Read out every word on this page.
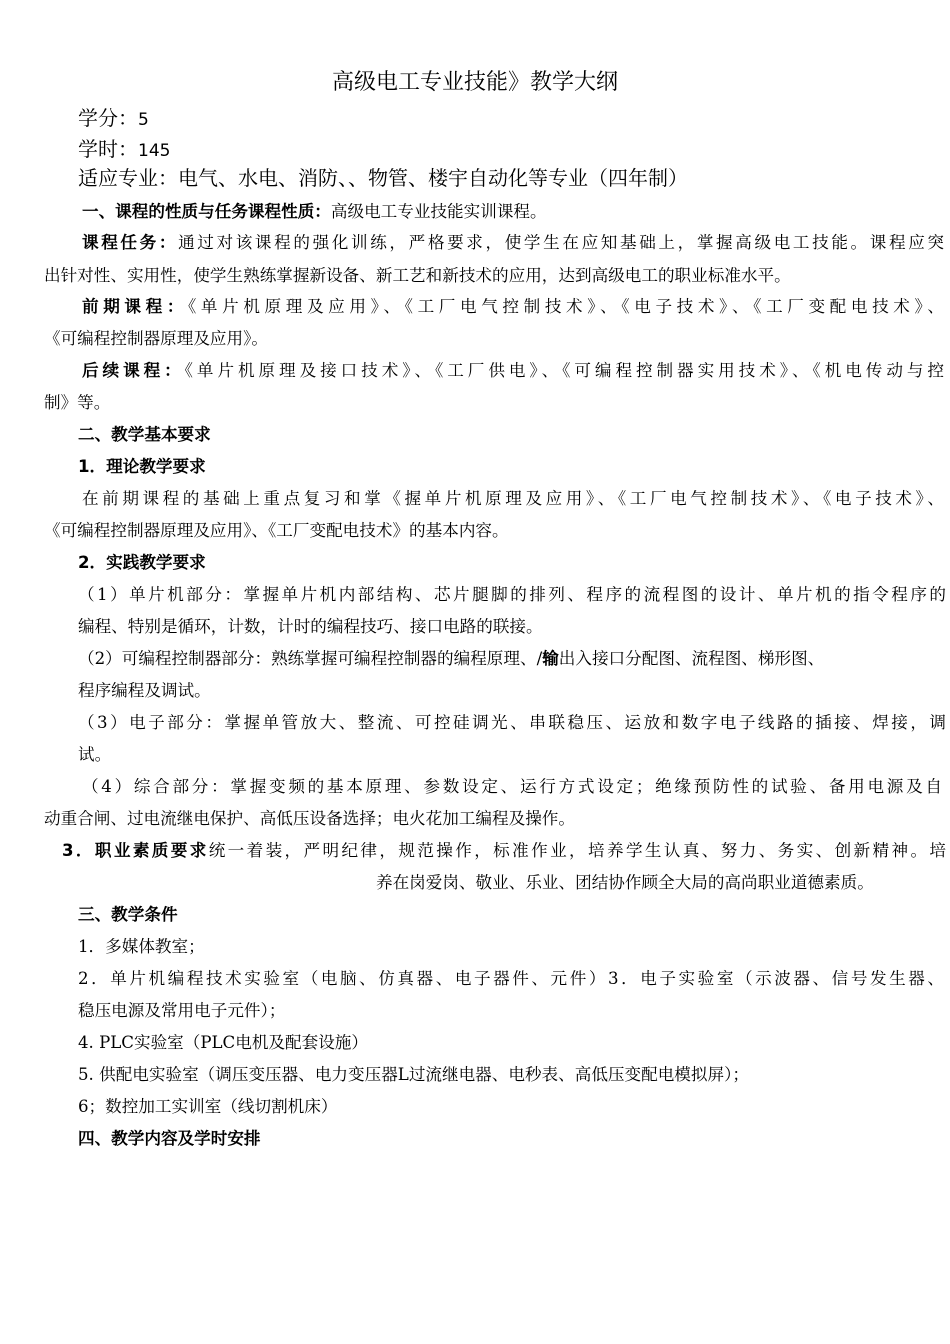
高级电工专业技能》教学大纲
学分：5
学时：145
适应专业：电气、水电、消防、、物管、楼宇自动化等专业（四年制）
一、课程的性质与任务课程性质：高级电工专业技能实训课程。
课程任务：通过对该课程的强化训练，严格要求，使学生在应知基础上，掌握高级电工技能。课程应突
出针对性、实用性，使学生熟练掌握新设备、新工艺和新技术的应用，达到高级电工的职业标准水平。
前期课程：《单片机原理及应用》、《工厂电气控制技术》、《电子技术》、《工厂变配电技术》、
《可编程控制器原理及应用》。
后续课程：《单片机原理及接口技术》、《工厂供电》、《可编程控制器实用技术》、《机电传动与控
制》等。
二、教学基本要求
1．理论教学要求
在前期课程的基础上重点复习和掌《握单片机原理及应用》、《工厂电气控制技术》、《电子技术》、
《可编程控制器原理及应用》、《工厂变配电技术》的基本内容。
2．实践教学要求
（1）单片机部分：掌握单片机内部结构、芯片腿脚的排列、程序的流程图的设计、单片机的指令程序的
编程、特别是循环，计数，计时的编程技巧、接口电路的联接。
（2）可编程控制器部分：熟练掌握可编程控制器的编程原理、/输出入接口分配图、流程图、梯形图、
程序编程及调试。
（3）电子部分：掌握单管放大、整流、可控硅调光、串联稳压、运放和数字电子线路的插接、焊接，调
试。
（4）综合部分：掌握变频的基本原理、参数设定、运行方式设定；绝缘预防性的试验、备用电源及自
动重合闸、过电流继电保护、高低压设备选择；电火花加工编程及操作。
3．职业素质要求统一着装，严明纪律，规范操作，标准作业，培养学生认真、努力、务实、创新精神。培
养在岗爱岗、敬业、乐业、团结协作顾全大局的高尚职业道德素质。
三、教学条件
1．多媒体教室；
2．单片机编程技术实验室（电脑、仿真器、电子器件、元件）3．电子实验室（示波器、信号发生器、
稳压电源及常用电子元件）；
4. PLC实验室（PLC电机及配套设施）
5. 供配电实验室（调压变压器、电力变压器L过流继电器、电秒表、高低压变配电模拟屏）；
6；数控加工实训室（线切割机床）
四、教学内容及学时安排
